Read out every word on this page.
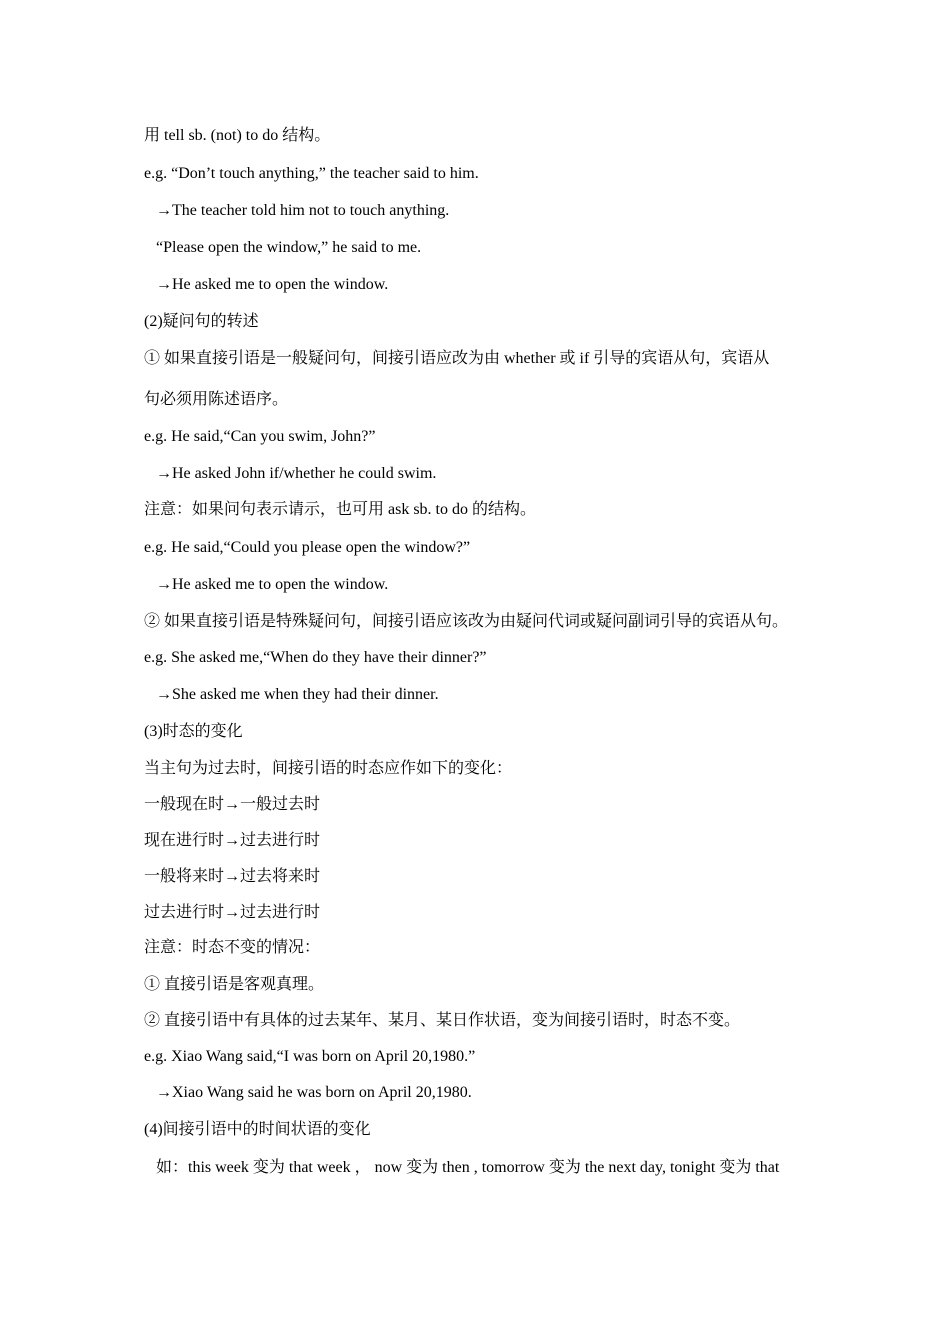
用 tell sb. (not) to do 结构。
e.g. “Don’t touch anything,” the teacher said to him.
→The teacher told him not to touch anything.
“Please open the window,” he said to me.
→He asked me to open the window.
(2)疑问句的转述
① 如果直接引语是一般疑问句，间接引语应改为由 whether 或 if 引导的宾语从句，宾语从
句必须用陈述语序。
e.g. He said,“Can you swim, John?”
→He asked John if/whether he could swim.
注意：如果问句表示请示，也可用 ask sb. to do 的结构。
e.g. He said,“Could you please open the window?”
→He asked me to open the window.
② 如果直接引语是特殊疑问句，间接引语应该改为由疑问代词或疑问副词引导的宾语从句。
e.g. She asked me,“When do they have their dinner?”
→She asked me when they had their dinner.
(3)时态的变化
当主句为过去时，间接引语的时态应作如下的变化：
一般现在时→一般过去时
现在进行时→过去进行时
一般将来时→过去将来时
过去进行时→过去进行时
注意：时态不变的情况：
① 直接引语是客观真理。
② 直接引语中有具体的过去某年、某月、某日作状语，变为间接引语时，时态不变。
e.g. Xiao Wang said,“I was born on April 20,1980.”
→Xiao Wang said he was born on April 20,1980.
(4)间接引语中的时间状语的变化
如：this week 变为 that week ， now 变为 then , tomorrow 变为 the next day, tonight 变为 that
